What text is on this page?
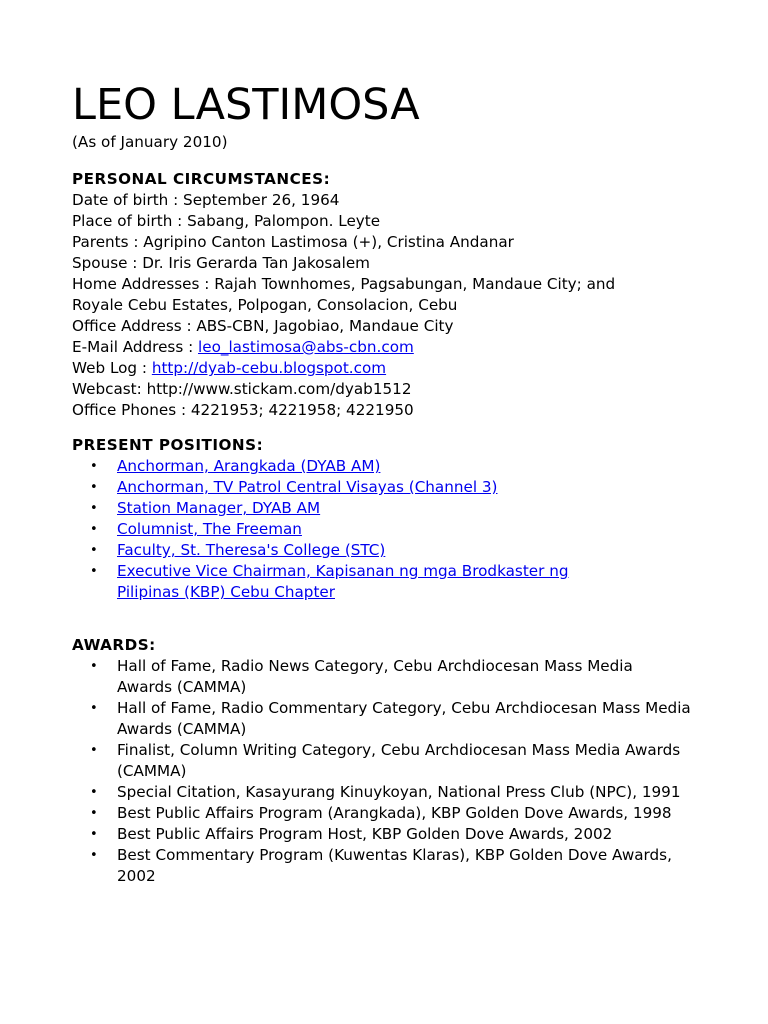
LEO LASTIMOSA

(As of January 2010)

PERSONAL CIRCUMSTANCES:

Date of birth : September 26, 1964

Place of birth : Sabang, Palompon. Leyte

Parents : Agripino Canton Lastimosa (+), Cristina Andanar

Spouse : Dr. Iris Gerarda Tan Jakosalem

Home Addresses : Rajah Townhomes, Pagsabungan, Mandaue City; and

Royale Cebu Estates, Polpogan, Consolacion, Cebu

Office Address : ABS-CBN, Jagobiao, Mandaue City

E-Mail Address : leo_lastimosa@abs-cbn.com

Web Log : http://dyab-cebu.blogspot.com

Webcast: http://www.stickam.com/dyab1512

Office Phones : 4221953; 4221958; 4221950

PRESENT POSITIONS:

• Anchorman, Arangkada (DYAB AM)
• Anchorman, TV Patrol Central Visayas (Channel 3)
• Station Manager, DYAB AM
• Columnist, The Freeman
• Faculty, St. Theresa's College (STC)
• Executive Vice Chairman, Kapisanan ng mga Brodkaster ng Pilipinas (KBP) Cebu Chapter

AWARDS:

• Hall of Fame, Radio News Category, Cebu Archdiocesan Mass Media Awards (CAMMA)
• Hall of Fame, Radio Commentary Category, Cebu Archdiocesan Mass Media Awards (CAMMA)
• Finalist, Column Writing Category, Cebu Archdiocesan Mass Media Awards (CAMMA)
• Special Citation, Kasayurang Kinuykoyan, National Press Club (NPC), 1991
• Best Public Affairs Program (Arangkada), KBP Golden Dove Awards, 1998
• Best Public Affairs Program Host, KBP Golden Dove Awards, 2002
• Best Commentary Program (Kuwentas Klaras), KBP Golden Dove Awards, 2002
